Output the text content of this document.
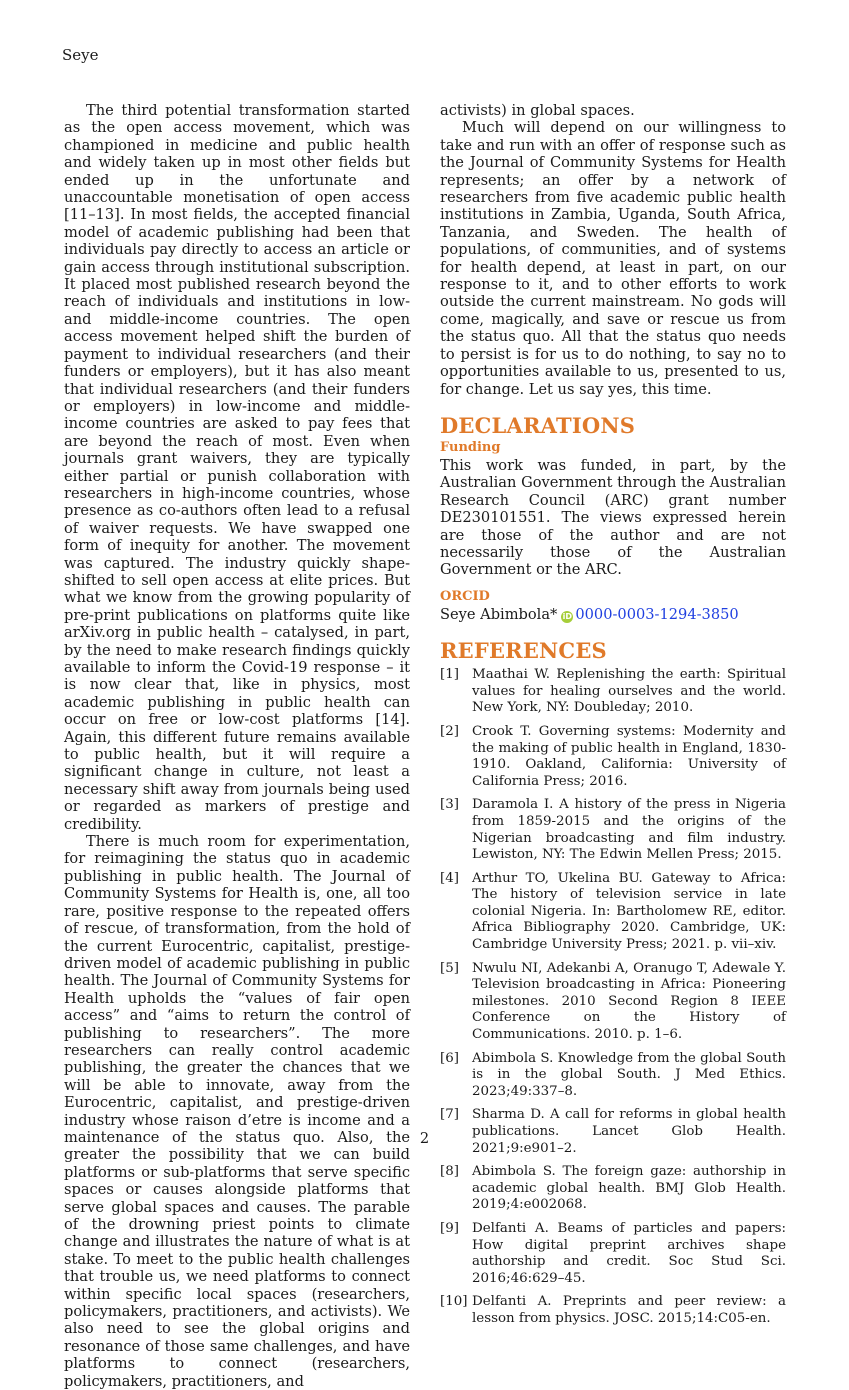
Seye

The third potential transformation started as the open access movement, which was championed in medicine and public health and widely taken up in most other fields but ended up in the unfortunate and unaccountable monetisation of open access [11–13]. In most fields, the accepted financial model of academic publishing had been that individuals pay directly to access an article or gain access through institutional subscription. It placed most published research beyond the reach of individuals and institutions in low- and middle-income countries. The open access movement helped shift the burden of payment to individual researchers (and their funders or employers), but it has also meant that individual researchers (and their funders or employers) in low-income and middle-income countries are asked to pay fees that are beyond the reach of most. Even when journals grant waivers, they are typically either partial or punish collaboration with researchers in high-income countries, whose presence as co-authors often lead to a refusal of waiver requests. We have swapped one form of inequity for another. The movement was captured. The industry quickly shape-shifted to sell open access at elite prices. But what we know from the growing popularity of pre-print publications on platforms quite like arXiv.org in public health – catalysed, in part, by the need to make research findings quickly available to inform the Covid-19 response – it is now clear that, like in physics, most academic publishing in public health can occur on free or low-cost platforms [14]. Again, this different future remains available to public health, but it will require a significant change in culture, not least a necessary shift away from journals being used or regarded as markers of prestige and credibility.

There is much room for experimentation, for reimagining the status quo in academic publishing in public health. The Journal of Community Systems for Health is, one, all too rare, positive response to the repeated offers of rescue, of transformation, from the hold of the current Eurocentric, capitalist, prestige-driven model of academic publishing in public health. The Journal of Community Systems for Health upholds the “values of fair open access” and “aims to return the control of publishing to researchers”. The more researchers can really control academic publishing, the greater the chances that we will be able to innovate, away from the Eurocentric, capitalist, and prestige-driven industry whose raison d’etre is income and a maintenance of the status quo. Also, the greater the possibility that we can build platforms or sub-platforms that serve specific spaces or causes alongside platforms that serve global spaces and causes. The parable of the drowning priest points to climate change and illustrates the nature of what is at stake. To meet to the public health challenges that trouble us, we need platforms to connect within specific local spaces (researchers, policymakers, practitioners, and activists). We also need to see the global origins and resonance of those same challenges, and have platforms to connect (researchers, policymakers, practitioners, and

activists) in global spaces.

Much will depend on our willingness to take and run with an offer of response such as the Journal of Community Systems for Health represents; an offer by a network of researchers from five academic public health institutions in Zambia, Uganda, South Africa, Tanzania, and Sweden. The health of populations, of communities, and of systems for health depend, at least in part, on our response to it, and to other efforts to work outside the current mainstream. No gods will come, magically, and save or rescue us from the status quo. All that the status quo needs to persist is for us to do nothing, to say no to opportunities available to us, presented to us, for change. Let us say yes, this time.

DECLARATIONS
Funding

This work was funded, in part, by the Australian Government through the Australian Research Council (ARC) grant number DE230101551. The views expressed herein are those of the author and are not necessarily those of the Australian Government or the ARC.

ORCID

Seye Abimbola* iD 0000-0003-1294-3850

REFERENCES
[1] Maathai W. Replenishing the earth: Spiritual values for healing ourselves and the world. New York, NY: Doubleday; 2010.
[2] Crook T. Governing systems: Modernity and the making of public health in England, 1830-1910. Oakland, California: University of California Press; 2016.
[3] Daramola I. A history of the press in Nigeria from 1859-2015 and the origins of the Nigerian broadcasting and film industry. Lewiston, NY: The Edwin Mellen Press; 2015.
[4] Arthur TO, Ukelina BU. Gateway to Africa: The history of television service in late colonial Nigeria. In: Bartholomew RE, editor. Africa Bibliography 2020. Cambridge, UK: Cambridge University Press; 2021. p. vii–xiv.
[5] Nwulu NI, Adekanbi A, Oranugo T, Adewale Y. Television broadcasting in Africa: Pioneering milestones. 2010 Second Region 8 IEEE Conference on the History of Communications. 2010. p. 1–6.
[6] Abimbola S. Knowledge from the global South is in the global South. J Med Ethics. 2023;49:337–8.
[7] Sharma D. A call for reforms in global health publications. Lancet Glob Health. 2021;9:e901–2.
[8] Abimbola S. The foreign gaze: authorship in academic global health. BMJ Glob Health. 2019;4:e002068.
[9] Delfanti A. Beams of particles and papers: How digital preprint archives shape authorship and credit. Soc Stud Sci. 2016;46:629–45.
[10] Delfanti A. Preprints and peer review: a lesson from physics. JOSC. 2015;14:C05-en.
2
